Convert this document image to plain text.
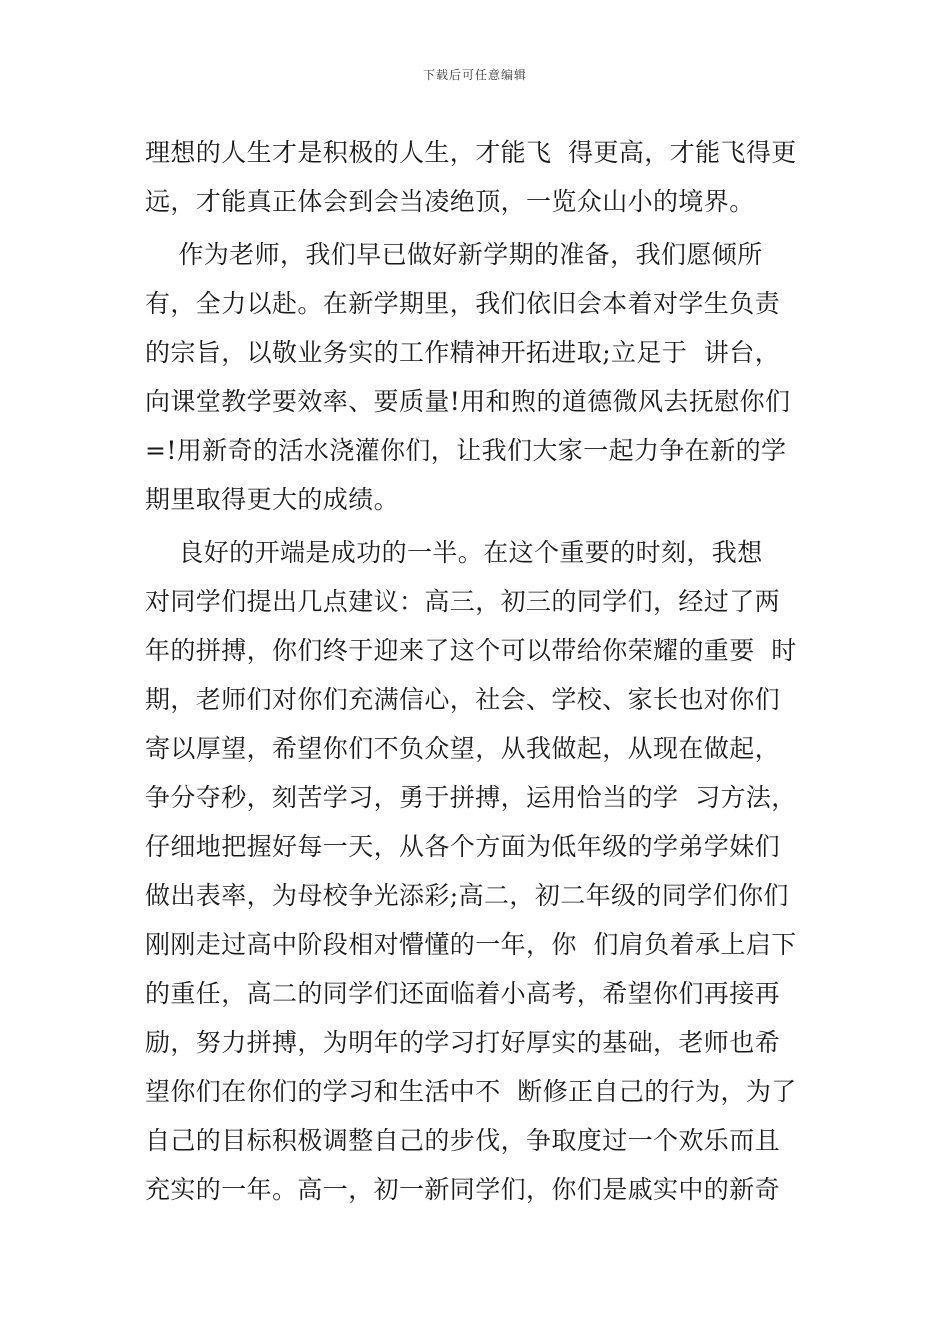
下载后可任意编辑
理想的人生才是积极的人生，才能飞  得更高，才能飞得更
远，才能真正体会到会当凌绝顶，一览众山小的境界。
作为老师，我们早已做好新学期的准备，我们愿倾所
有，全力以赴。在新学期里，我们依旧会本着对学生负责
的宗旨，以敬业务实的工作精神开拓进取;立足于  讲台，
向课堂教学要效率、要质量!用和煦的道德微风去抚慰你们
=!用新奇的活水浇灌你们，让我们大家一起力争在新的学
期里取得更大的成绩。
良好的开端是成功的一半。在这个重要的时刻，我想
对同学们提出几点建议：高三，初三的同学们，经过了两
年的拼搏，你们终于迎来了这个可以带给你荣耀的重要  时
期，老师们对你们充满信心，社会、学校、家长也对你们
寄以厚望，希望你们不负众望，从我做起，从现在做起，
争分夺秒，刻苦学习，勇于拼搏，运用恰当的学  习方法，
仔细地把握好每一天，从各个方面为低年级的学弟学妹们
做出表率，为母校争光添彩;高二，初二年级的同学们你们
刚刚走过高中阶段相对懵懂的一年，你  们肩负着承上启下
的重任，高二的同学们还面临着小高考，希望你们再接再
励，努力拼搏，为明年的学习打好厚实的基础，老师也希
望你们在你们的学习和生活中不  断修正自己的行为，为了
自己的目标积极调整自己的步伐，争取度过一个欢乐而且
充实的一年。高一，初一新同学们，你们是戚实中的新奇
